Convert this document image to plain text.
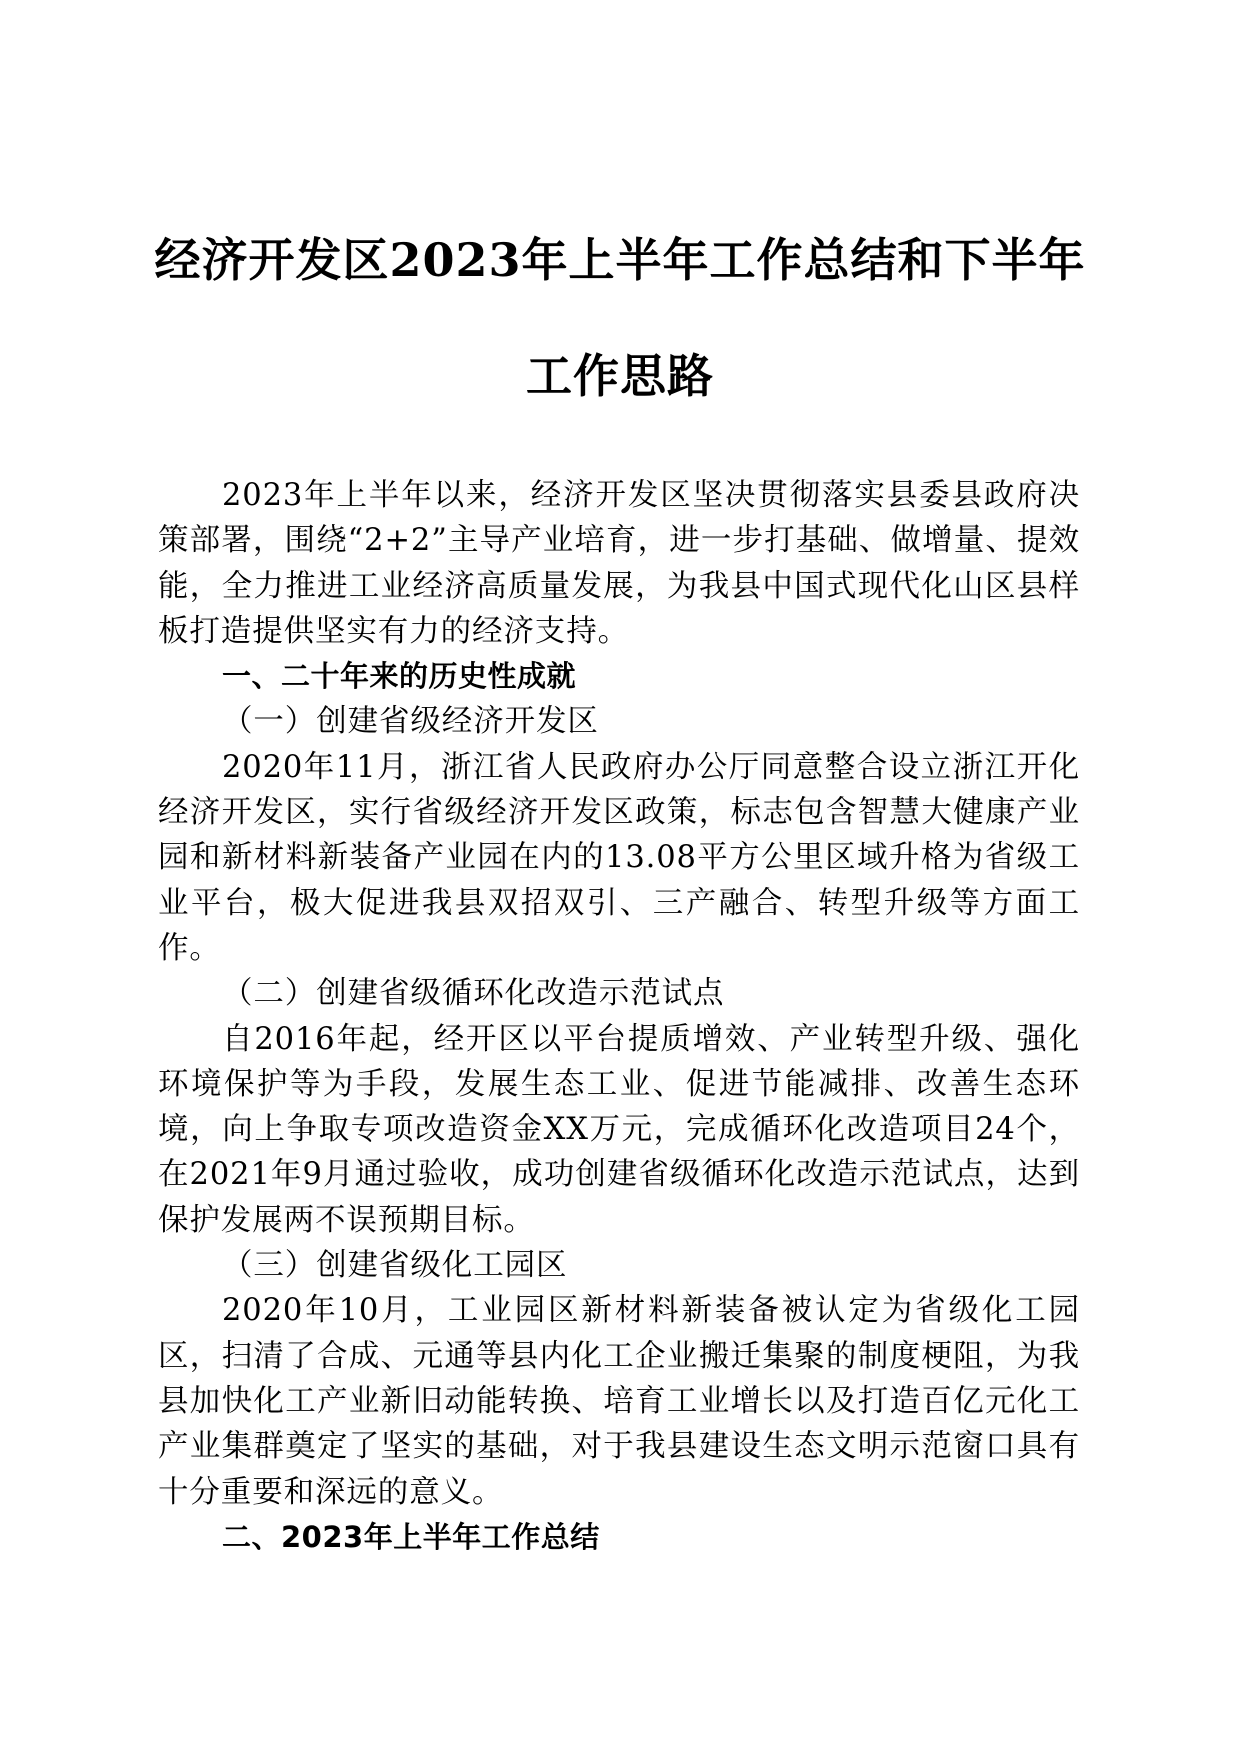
经济开发区2023年上半年工作总结和下半年
工作思路

2023年上半年以来，经济开发区坚决贯彻落实县委县政府决策部署，围绕“2+2”主导产业培育，进一步打基础、做增量、提效能，全力推进工业经济高质量发展，为我县中国式现代化山区县样板打造提供坚实有力的经济支持。

一、二十年来的历史性成就

（一）创建省级经济开发区

2020年11月，浙江省人民政府办公厅同意整合设立浙江开化经济开发区，实行省级经济开发区政策，标志包含智慧大健康产业园和新材料新装备产业园在内的13.08平方公里区域升格为省级工业平台，极大促进我县双招双引、三产融合、转型升级等方面工作。

（二）创建省级循环化改造示范试点

自2016年起，经开区以平台提质增效、产业转型升级、强化环境保护等为手段，发展生态工业、促进节能减排、改善生态环境，向上争取专项改造资金XX万元，完成循环化改造项目24个，在2021年9月通过验收，成功创建省级循环化改造示范试点，达到保护发展两不误预期目标。

（三）创建省级化工园区

2020年10月，工业园区新材料新装备被认定为省级化工园区，扫清了合成、元通等县内化工企业搬迁集聚的制度梗阻，为我县加快化工产业新旧动能转换、培育工业增长以及打造百亿元化工产业集群奠定了坚实的基础，对于我县建设生态文明示范窗口具有十分重要和深远的意义。

二、2023年上半年工作总结
